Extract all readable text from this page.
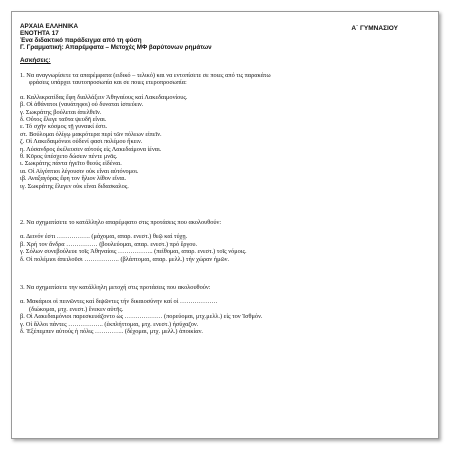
ΑΡΧΑΙΑ ΕΛΛΗΝΙΚΑ	Α΄ ΓΥΜΝΑΣΙΟΥ
ΕΝΟΤΗΤΑ 17
Ένα διδακτικό παράδειγμα από τη φύση
Γ. Γραμματική: Απαρέμφατα – Μετοχές ΜΦ βαρύτονων ρημάτων
Ασκήσεις:
1. Να αναγνωρίσετε τα απαρέμφατα (ειδικό – τελικό) και να εντοπίσετε σε ποιες από τις παρακάτω
φράσεις υπάρχει ταυτοπροσωπία και σε ποιες ετεροπροσωπία:
α. Καλλικρατίδας ἔφη διαλλάξειν Ἀθηναίους καί Λακεδαιμονίους.
β. Οἱ ἀθάνατοι (ναυάτηφοι) οὐ δυναται ἰσπεύειν.
γ. Σωκράτης βούλεται ἀπελθεῖν.
δ. Οὗτος ἔλεγε ταῦτα ψευδῆ εἶναι.
ε. Τό σχῆν κόσμος τῇ γυναικί ἐστι.
στ. Βούλομαι ὀλίγῳ μακρότερα περί τῶν πόλεων εἰπεῖν.
ζ. Οἱ Λακεδαιμόνιοι οὐδενί φασι πολέμου ἥκειν.
η. Λύσανδρος ἐκέλευσεν αὐτούς εἰς Λακεδαίμονα ἰέναι.
θ. Κῦρος ὑπέσχετο δώσειν πέντε μνᾶς.
ι. Σωκράτης πάντα ἡγεῖτο θεούς εἰδέναι.
ια. Οἱ Αἰγύπτιοι λέγουσιν οὐκ εἶναι αὐτόνομοι.
ιβ. Αναξαγόρας ἔφη τον ἥλιον λίθον εἶναι.
ιγ. Σωκράτης ἔλεγεν οὐκ εἶναι διδασκαλος.
2. Να σχηματίσετε το κατάλληλο απαρέμφατο στις προτάσεις που ακολουθούν:
α. Δεινόν ἐστι ……………. (μάχομαι, απαρ. ενεστ.) θεῷ καί τύχῃ.
β. Χρή τον ἄνδρα …………… (βουλεύομαι, απαρ. ενεστ.) πρό ἔργου.
γ. Σόλων συνεβούλευε τοῖς Ἀθηναίοις …………….. (πείθομαι, απαρ. ενεστ.) τοῖς νόμοις.
δ. Οἱ πολέμιοι ἀπειλοῦσι …………….. (βλάπτομαι, απαρ. μελλ.) τήν χώραν ἡμῶν.
3. Να σχηματίσετε την κατάλληλη μετοχή στις προτάσεις που ακολουθούν:
α. Μακάριοι οἱ πεινῶντες καί διψῶντες τήν δικαιοσύνην καί οἱ ………………
(διώκομαι, μτχ. ενεστ.) ἕνεκεν αὐτῆς.
β. Οἱ Λακεδαιμόνιοι παρεσκευάζοντο ὡς ……………… (πορεύομαι, μτχ.μελλ.) εἰς τον Ἰσθμόν.
γ. Οἱ ἄλλοι πάντες …………….. (ἐκπλήττομαι, μτχ. ενεστ.) ἡσύχαζον.
δ. Ἐξέπεμπεν αὐτούς ἡ πόλις ………….. (δέχομαι, μτχ. μελλ.) ἀποικίαν.
